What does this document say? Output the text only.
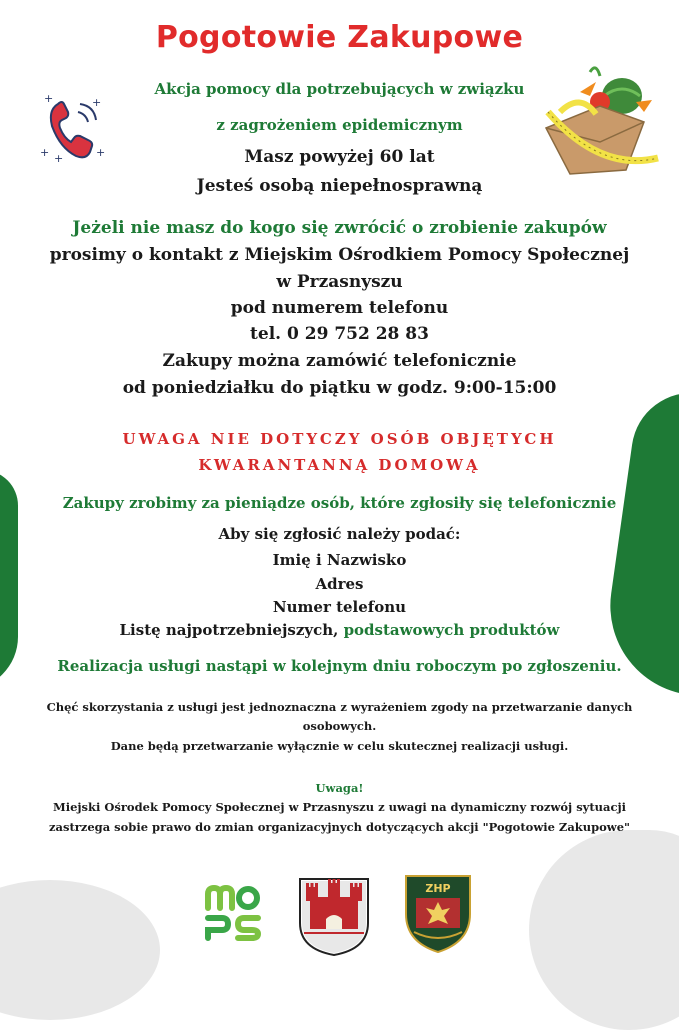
+	+
+ +	+
Pogotowie Zakupowe
Akcja pomocy dla potrzebujących w związku
z zagrożeniem epidemicznym
Masz powyżej 60 lat
Jesteś osobą niepełnosprawną
Jeżeli nie masz do kogo się zwrócić o zrobienie zakupów
prosimy o kontakt z Miejskim Ośrodkiem Pomocy Społecznej
w Przasnyszu
pod numerem telefonu
tel. 0 29 752 28 83
Zakupy można zamówić telefonicznie
od poniedziałku do piątku w godz. 9:00-15:00
UWAGA NIE DOTYCZY OSÓB OBJĘTYCH
KWARANTANNĄ DOMOWĄ
Zakupy zrobimy za pieniądze osób, które zgłosiły się telefonicznie
Aby się zgłosić należy podać:
Imię i Nazwisko
Adres
Numer telefonu
Listę najpotrzebniejszych, podstawowych produktów
Realizacja usługi nastąpi w kolejnym dniu roboczym po zgłoszeniu.
Chęć skorzystania z usługi jest jednoznaczna z wyrażeniem zgody na przetwarzanie danych
osobowych.
Dane będą przetwarzanie wyłącznie w celu skutecznej realizacji usługi.
Uwaga!
Miejski Ośrodek Pomocy Społecznej w Przasnyszu z uwagi na dynamiczny rozwój sytuacji
zastrzega sobie prawo do zmian organizacyjnych dotyczących akcji "Pogotowie Zakupowe"
ZHP
